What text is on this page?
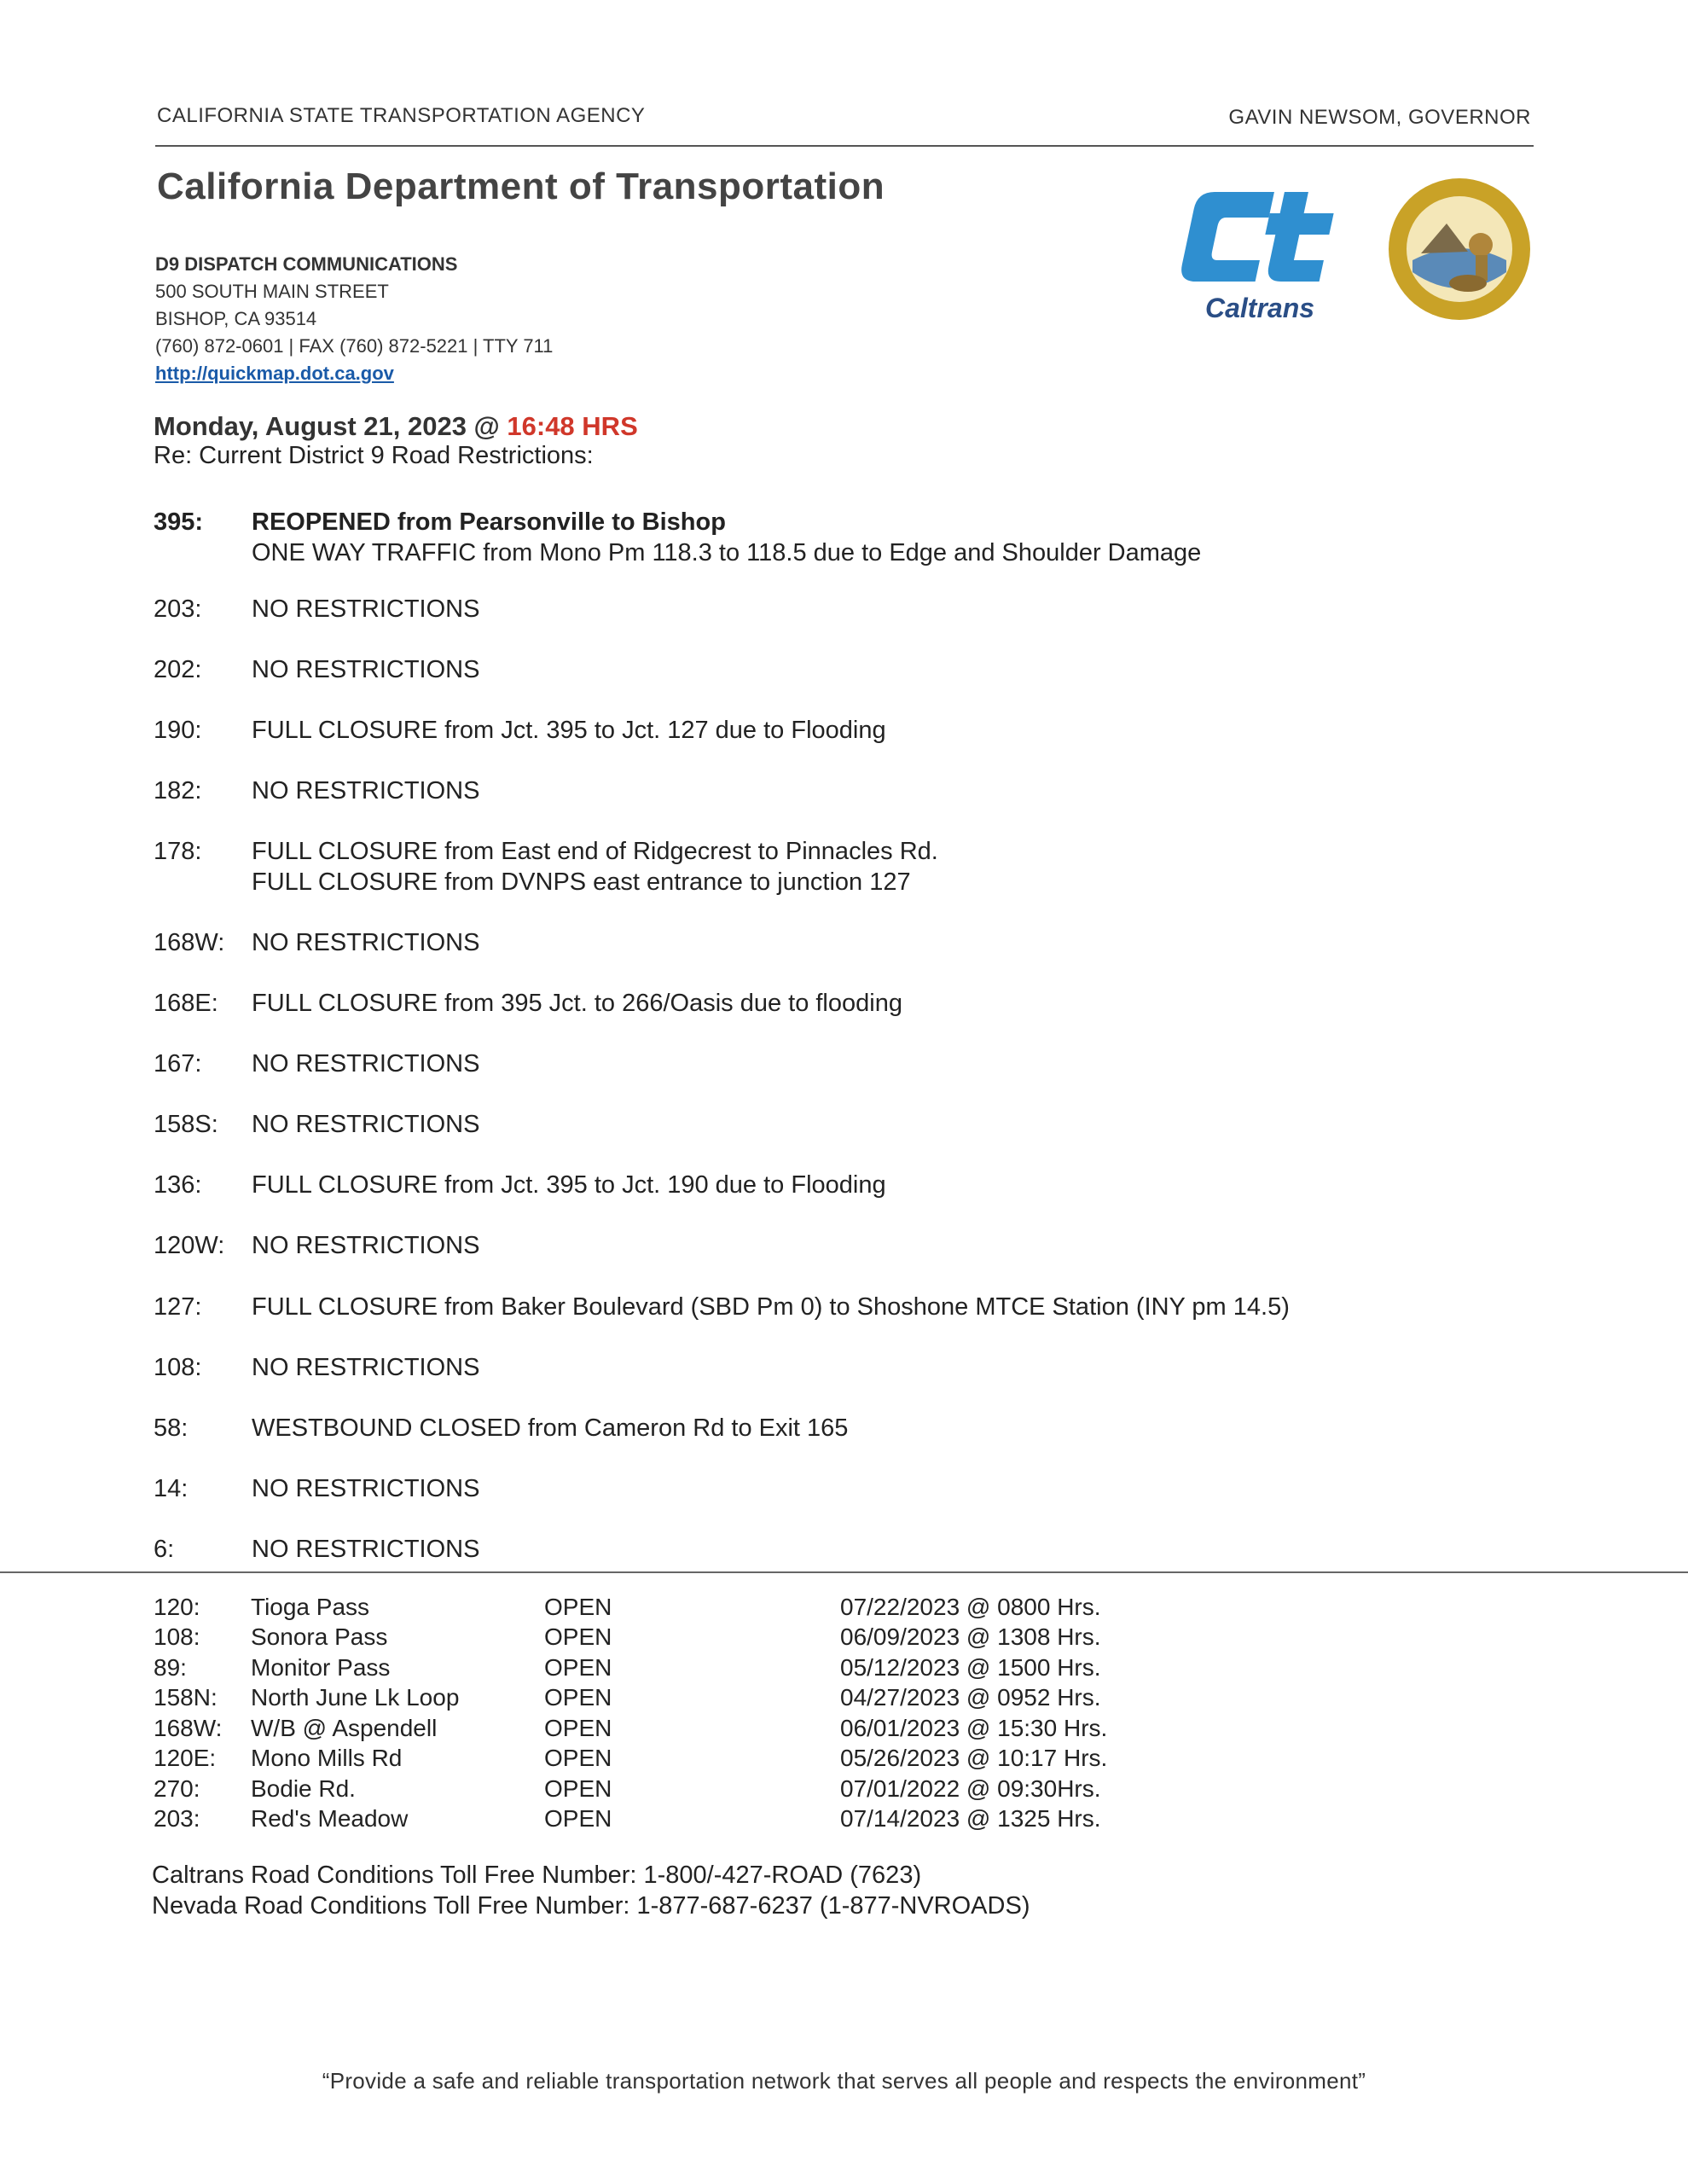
CALIFORNIA STATE TRANSPORTATION AGENCY	GAVIN NEWSOM, GOVERNOR
California Department of Transportation
D9 DISPATCH COMMUNICATIONS
500 SOUTH MAIN STREET
BISHOP, CA 93514
(760) 872-0601 | FAX (760) 872-5221 | TTY 711
http://quickmap.dot.ca.gov
Caltrans
Monday, August 21, 2023 @ 16:48 HRS
Re: Current District 9 Road Restrictions:
395:	REOPENED from Pearsonville to Bishop
ONE WAY TRAFFIC from Mono Pm 118.3 to 118.5 due to Edge and Shoulder Damage
203:	NO RESTRICTIONS
202:	NO RESTRICTIONS
190:	FULL CLOSURE from Jct. 395 to Jct. 127 due to Flooding
182:	NO RESTRICTIONS
178:	FULL CLOSURE from East end of Ridgecrest to Pinnacles Rd.
FULL CLOSURE from DVNPS east entrance to junction 127
168W:	NO RESTRICTIONS
168E:	FULL CLOSURE from 395 Jct. to 266/Oasis due to flooding
167:	NO RESTRICTIONS
158S:	NO RESTRICTIONS
136:	FULL CLOSURE from Jct. 395 to Jct. 190 due to Flooding
120W:	NO RESTRICTIONS
127:	FULL CLOSURE from Baker Boulevard (SBD Pm 0) to Shoshone MTCE Station (INY pm 14.5)
108:	NO RESTRICTIONS
58:	WESTBOUND CLOSED from Cameron Rd to Exit 165
14:	NO RESTRICTIONS
6:	NO RESTRICTIONS
120: Tioga Pass	OPEN	07/22/2023 @ 0800 Hrs.
108: Sonora Pass	OPEN	06/09/2023 @ 1308 Hrs.
89:	Monitor Pass	OPEN	05/12/2023 @ 1500 Hrs.
158N: North June Lk Loop	OPEN	04/27/2023 @ 0952 Hrs.
168W: W/B @ Aspendell	OPEN	06/01/2023 @ 15:30 Hrs.
120E: Mono Mills Rd	OPEN	05/26/2023 @ 10:17 Hrs.
270: Bodie Rd.	OPEN	07/01/2022 @ 09:30Hrs.
203: Red's Meadow	OPEN	07/14/2023 @ 1325 Hrs.
Caltrans Road Conditions Toll Free Number: 1-800/-427-ROAD (7623)
Nevada Road Conditions Toll Free Number: 1-877-687-6237 (1-877-NVROADS)
“Provide a safe and reliable transportation network that serves all people and respects the environment”
